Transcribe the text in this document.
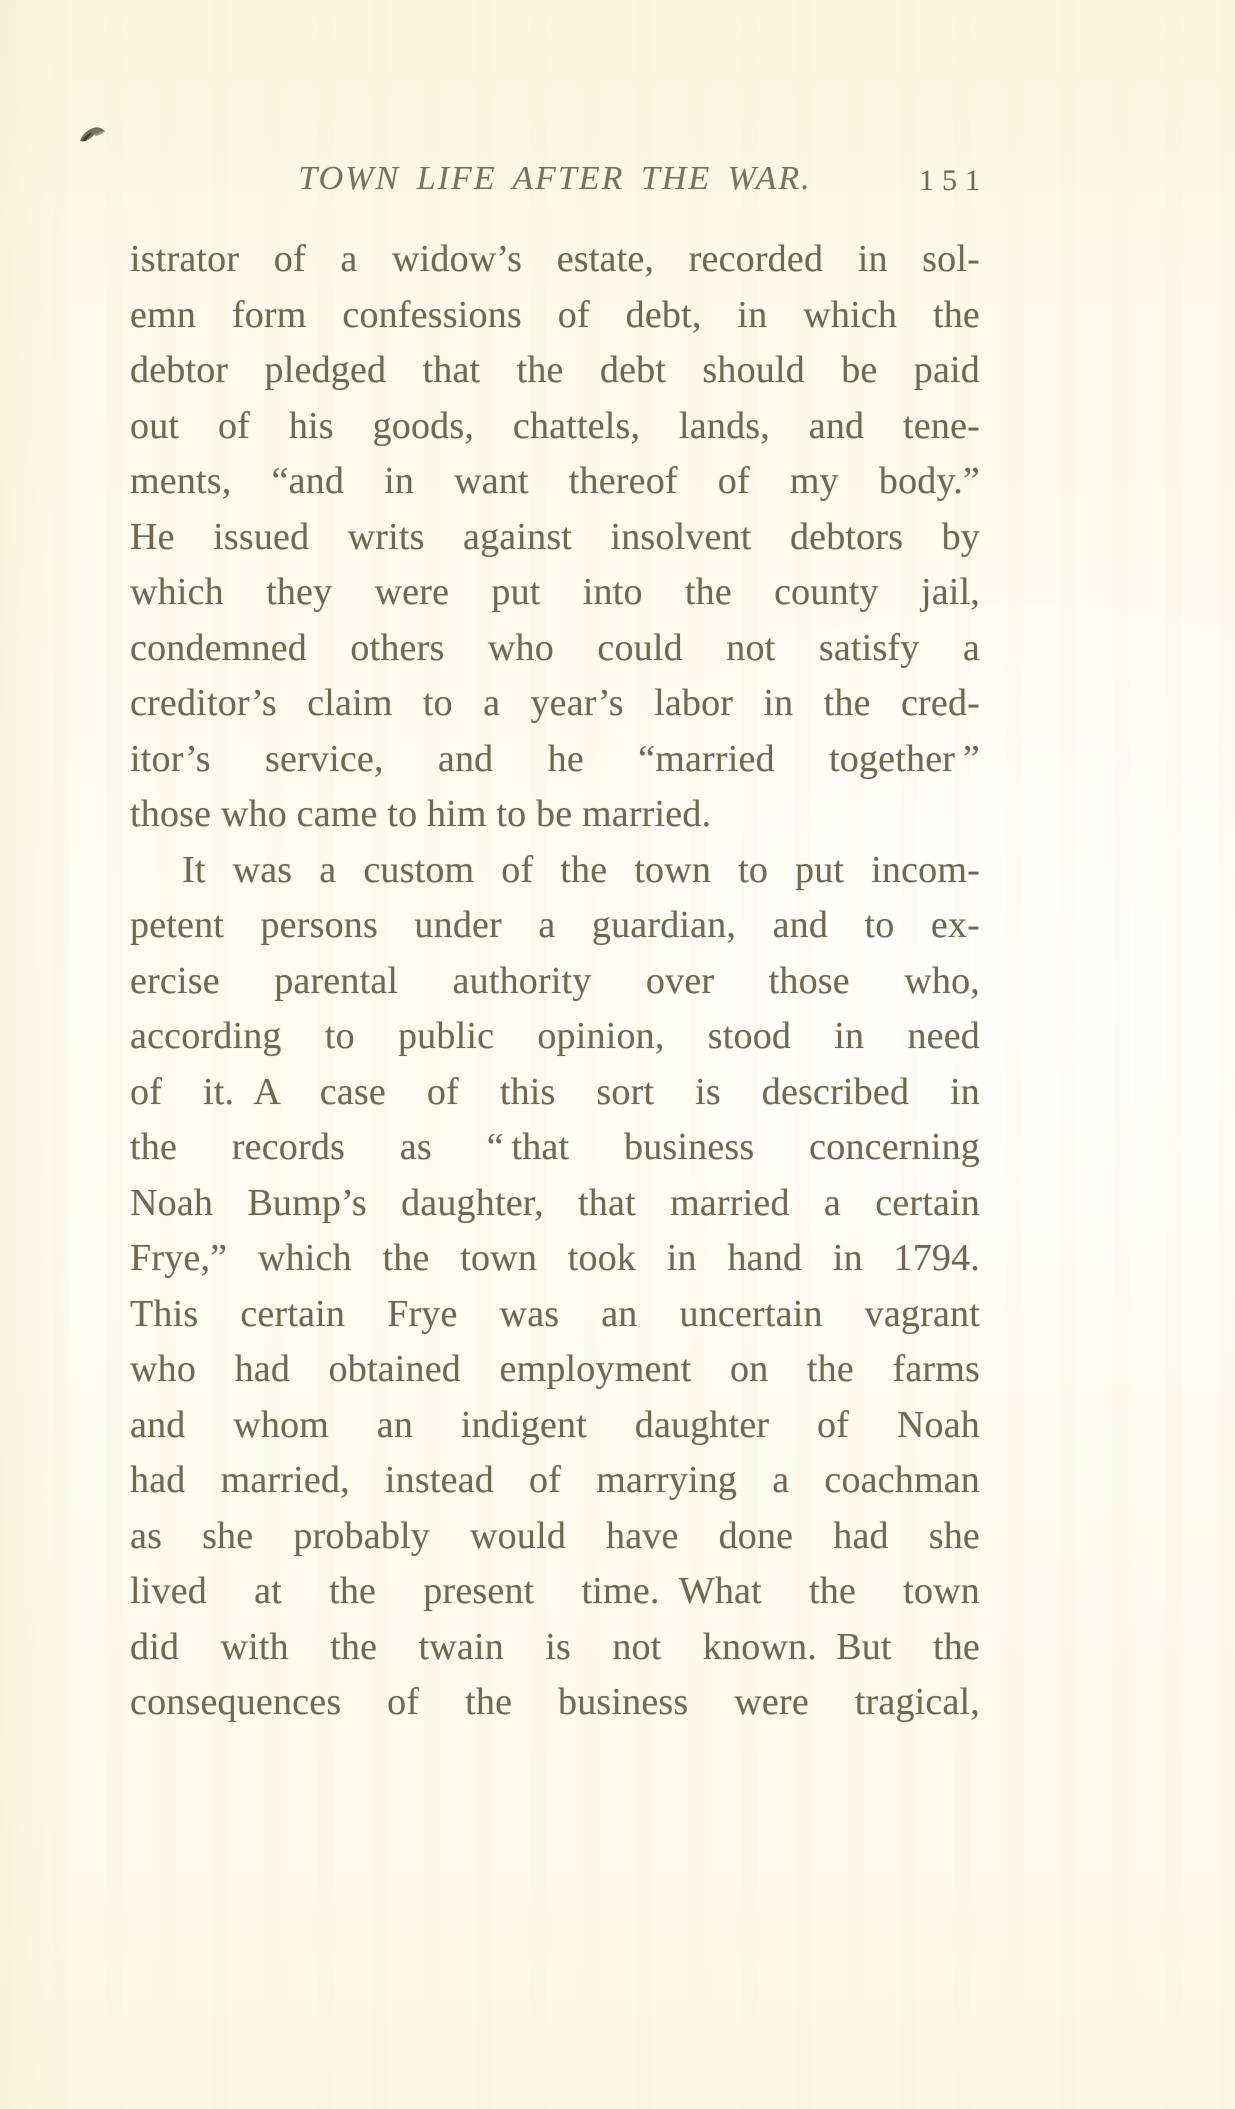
TOWN LIFE AFTER THE WAR.	151
istrator of a widow’s estate, recorded in sol-
emn form confessions of debt, in which the
debtor pledged that the debt should be paid
out of his goods, chattels, lands, and tene-
ments, “and in want thereof of my body.”
He issued writs against insolvent debtors by
which they were put into the county jail,
condemned others who could not satisfy a
creditor’s claim to a year’s labor in the cred-
itor’s service, and he “married together ”
those who came to him to be married.
It was a custom of the town to put incom-
petent persons under a guardian, and to ex-
ercise parental authority over those who,
according to public opinion, stood in need
of it. A case of this sort is described in
the records as “ that business concerning
Noah Bump’s daughter, that married a certain
Frye,” which the town took in hand in 1794.
This certain Frye was an uncertain vagrant
who had obtained employment on the farms
and whom an indigent daughter of Noah
had married, instead of marrying a coachman
as she probably would have done had she
lived at the present time. What the town
did with the twain is not known. But the
consequences of the business were tragical,
